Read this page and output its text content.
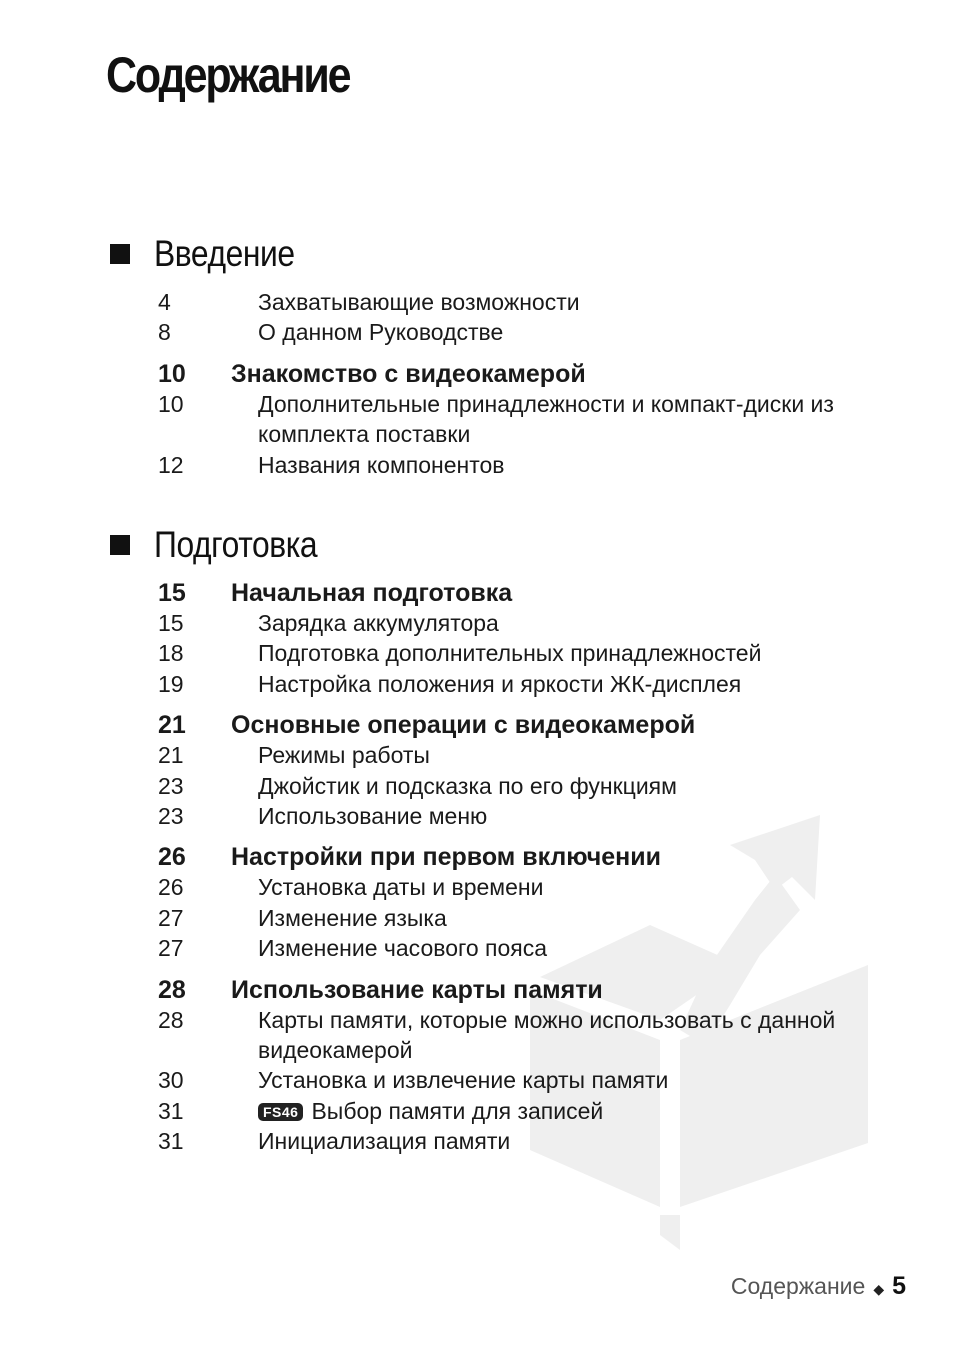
Содержание
Введение
4	Захватывающие возможности
8	О данном Руководстве
10	Знакомство с видеокамерой
10	Дополнительные принадлежности и компакт-диски из комплекта поставки
12	Названия компонентов
Подготовка
15	Начальная подготовка
15	Зарядка аккумулятора
18	Подготовка дополнительных принадлежностей
19	Настройка положения и яркости ЖК-дисплея
21	Основные операции с видеокамерой
21	Режимы работы
23	Джойстик и подсказка по его функциям
23	Использование меню
26	Настройки при первом включении
26	Установка даты и времени
27	Изменение языка
27	Изменение часового пояса
28	Использование карты памяти
28	Карты памяти, которые можно использовать с данной видеокамерой
30	Установка и извлечение карты памяти
31	FS46 Выбор памяти для записей
31	Инициализация памяти
Содержание ◆ 5
